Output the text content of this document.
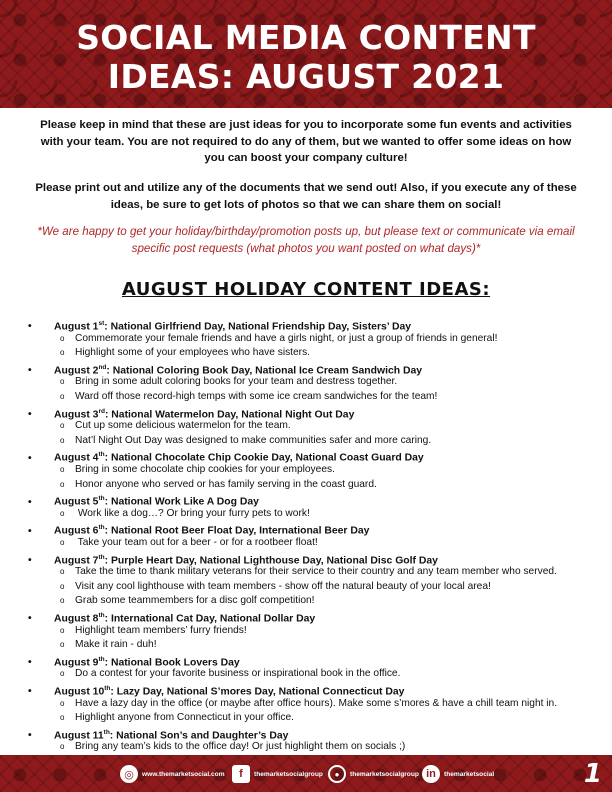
SOCIAL MEDIA CONTENT
IDEAS: AUGUST 2021
Please keep in mind that these are just ideas for you to incorporate some fun events and activities with your team. You are not required to do any of them, but we wanted to offer some ideas on how you can boost your company culture!
Please print out and utilize any of the documents that we send out! Also, if you execute any of these ideas, be sure to get lots of photos so that we can share them on social!
*We are happy to get your holiday/birthday/promotion posts up, but please text or communicate via email specific post requests (what photos you want posted on what days)*
AUGUST HOLIDAY CONTENT IDEAS:
• August 1st: National Girlfriend Day, National Friendship Day, Sisters’ Day
o Commemorate your female friends and have a girls night, or just a group of friends in general!
o Highlight some of your employees who have sisters.
• August 2nd: National Coloring Book Day, National Ice Cream Sandwich Day
o Bring in some adult coloring books for your team and destress together.
o Ward off those record-high temps with some ice cream sandwiches for the team!
• August 3rd: National Watermelon Day, National Night Out Day
o Cut up some delicious watermelon for the team.
o Nat’l Night Out Day was designed to make communities safer and more caring.
• August 4th: National Chocolate Chip Cookie Day, National Coast Guard Day
o Bring in some chocolate chip cookies for your employees.
o Honor anyone who served or has family serving in the coast guard.
• August 5th: National Work Like A Dog Day
o Work like a dog…? Or bring your furry pets to work!
• August 6th: National Root Beer Float Day, International Beer Day
o Take your team out for a beer - or for a rootbeer float!
• August 7th: Purple Heart Day, National Lighthouse Day, National Disc Golf Day
o Take the time to thank military veterans for their service to their country and any team member who served.
o Visit any cool lighthouse with team members - show off the natural beauty of your local area!
o Grab some teammembers for a disc golf competition!
• August 8th: International Cat Day, National Dollar Day
o Highlight team members’ furry friends!
o Make it rain - duh!
• August 9th: National Book Lovers Day
o Do a contest for your favorite business or inspirational book in the office.
• August 10th: Lazy Day, National S’mores Day, National Connecticut Day
o Have a lazy day in the office (or maybe after office hours). Make some s’mores & have a chill team night in.
o Highlight anyone from Connecticut in your office.
• August 11th: National Son’s and Daughter’s Day
o Bring any team’s kids to the office day! Or just highlight them on socials ;)
◎	www.themarketsocial.com	f	themarketsocialgroup	●	themarketsocialgroup in	themarketsocial	1
